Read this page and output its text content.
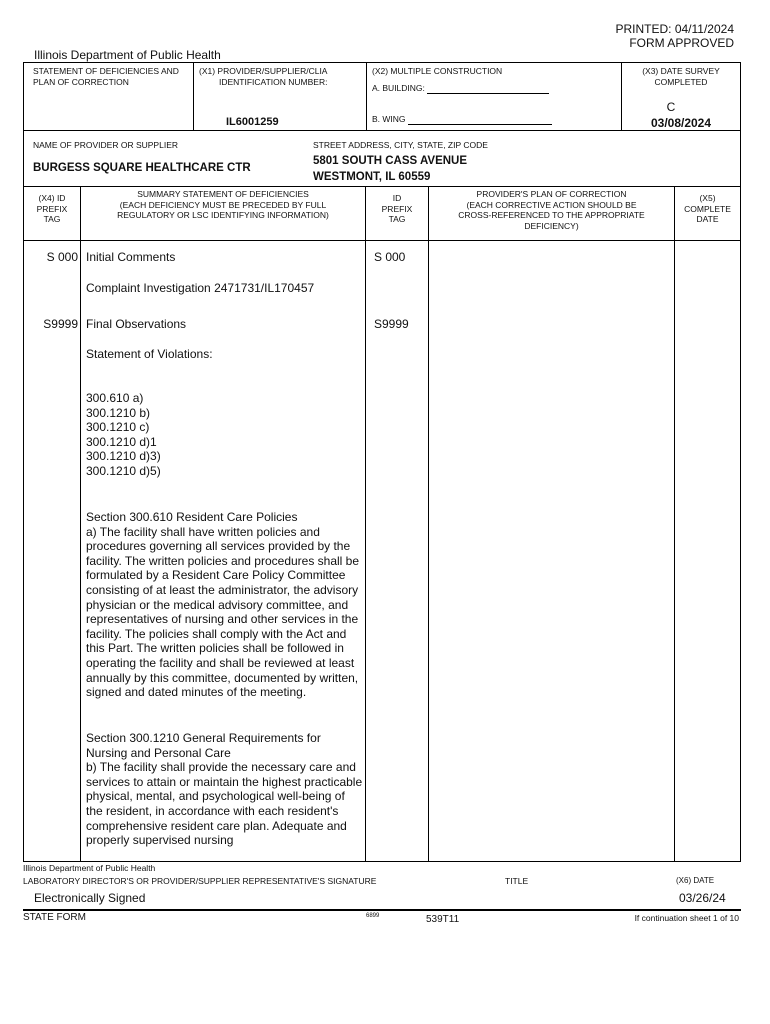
PRINTED: 04/11/2024
FORM APPROVED
Illinois Department of Public Health
STATEMENT OF DEFICIENCIES AND PLAN OF CORRECTION
(X1) PROVIDER/SUPPLIER/CLIA
IDENTIFICATION NUMBER:
IL6001259
(X2) MULTIPLE CONSTRUCTION
A. BUILDING:
B. WING
(X3) DATE SURVEY
COMPLETED
C
03/08/2024
NAME OF PROVIDER OR SUPPLIER
BURGESS SQUARE HEALTHCARE CTR
STREET ADDRESS, CITY, STATE, ZIP CODE
5801 SOUTH CASS AVENUE
WESTMONT, IL 60559
(X4) ID
PREFIX
TAG
SUMMARY STATEMENT OF DEFICIENCIES
(EACH DEFICIENCY MUST BE PRECEDED BY FULL
REGULATORY OR LSC IDENTIFYING INFORMATION)
ID
PREFIX
TAG
PROVIDER'S PLAN OF CORRECTION
(EACH CORRECTIVE ACTION SHOULD BE
CROSS-REFERENCED TO THE APPROPRIATE
DEFICIENCY)
(X5)
COMPLETE
DATE
S 000 Initial Comments	S 000
Complaint Investigation 2471731/IL170457
S9999 Final Observations	S9999
Statement of Violations:
300.610 a)
300.1210 b)
300.1210 c)
300.1210 d)1
300.1210 d)3)
300.1210 d)5)
Section 300.610 Resident Care Policies
a) The facility shall have written policies and procedures governing all services provided by the facility. The written policies and procedures shall be formulated by a Resident Care Policy Committee consisting of at least the administrator, the advisory physician or the medical advisory committee, and representatives of nursing and other services in the facility. The policies shall comply with the Act and this Part. The written policies shall be followed in operating the facility and shall be reviewed at least annually by this committee, documented by written, signed and dated minutes of the meeting.
Section 300.1210 General Requirements for Nursing and Personal Care
b) The facility shall provide the necessary care and services to attain or maintain the highest practicable physical, mental, and psychological well-being of the resident, in accordance with each resident's comprehensive resident care plan. Adequate and properly supervised nursing
Illinois Department of Public Health
LABORATORY DIRECTOR'S OR PROVIDER/SUPPLIER REPRESENTATIVE'S SIGNATURE	TITLE	(X6) DATE
Electronically Signed	03/26/24
STATE FORM	6899	539T11	If continuation sheet 1 of 10
